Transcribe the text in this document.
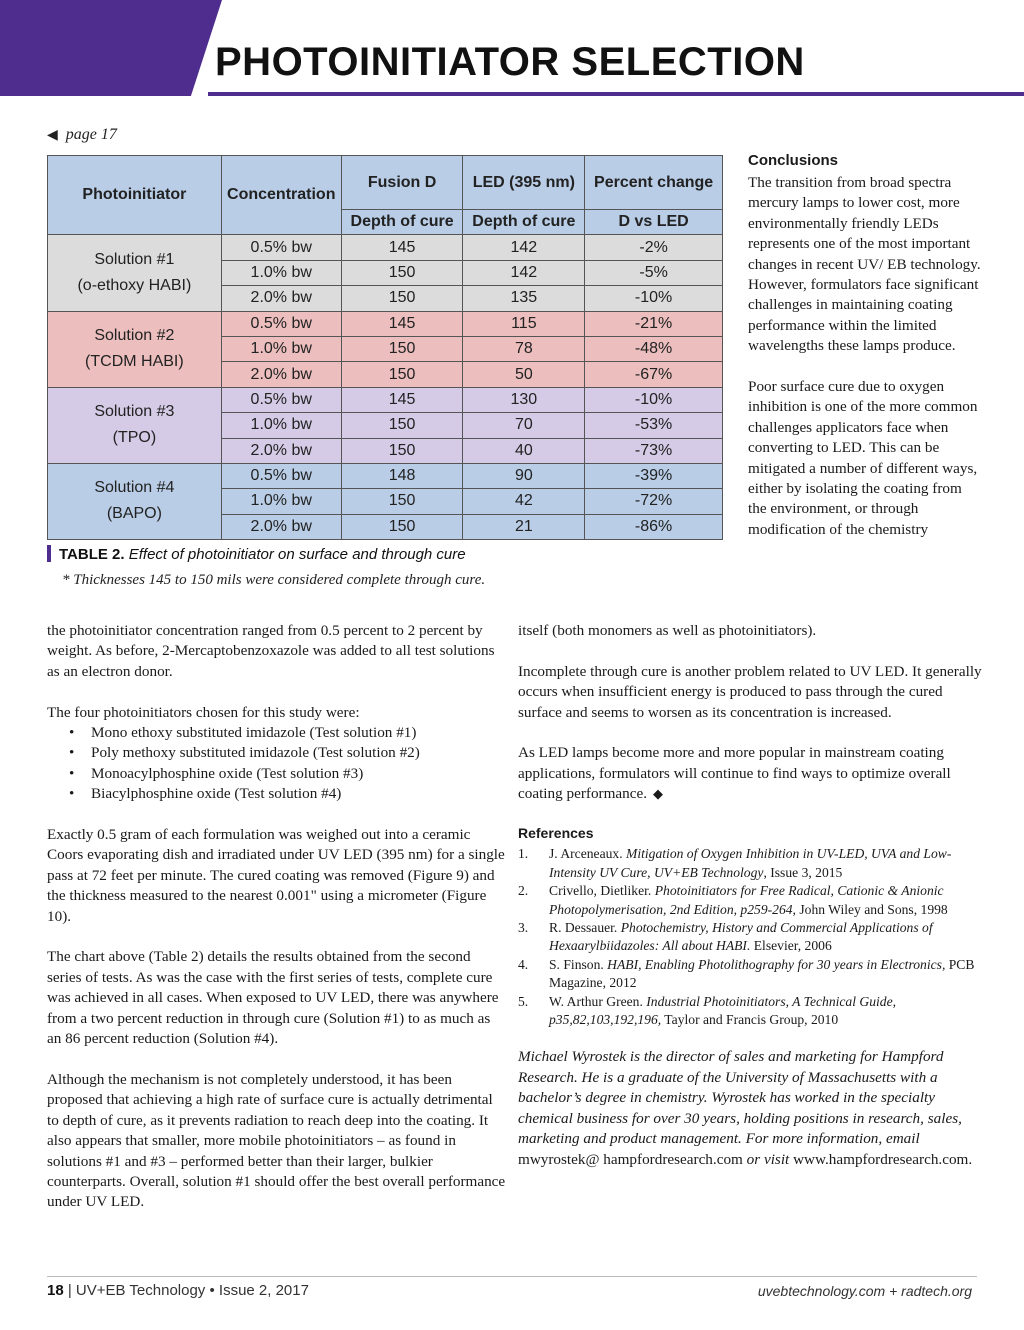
PHOTOINITIATOR SELECTION
◀ page 17
Photoinitiator	Concentration	Fusion D	LED (395 nm)	Percent change
		Depth of cure	Depth of cure	D vs LED
Solution #1
(o-ethoxy HABI)	0.5% bw	145	142	-2%
	1.0% bw	150	142	-5%
	2.0% bw	150	135	-10%
Solution #2
(TCDM HABI)	0.5% bw	145	115	-21%
	1.0% bw	150	78	-48%
	2.0% bw	150	50	-67%
Solution #3
(TPO)	0.5% bw	145	130	-10%
	1.0% bw	150	70	-53%
	2.0% bw	150	40	-73%
Solution #4
(BAPO)	0.5% bw	148	90	-39%
	1.0% bw	150	42	-72%
	2.0% bw	150	21	-86%
TABLE 2. Effect of photoinitiator on surface and through cure
* Thicknesses 145 to 150 mils were considered complete through cure.
Conclusions

The transition from broad spectra mercury lamps to lower cost, more environmentally friendly LEDs represents one of the most important changes in recent UV/ EB technology. However, formulators face significant challenges in maintaining coating performance within the limited wavelengths these lamps produce.

Poor surface cure due to oxygen inhibition is one of the more common challenges applicators face when converting to LED. This can be mitigated a number of different ways, either by isolating the coating from the environment, or through modification of the chemistry

the photoinitiator concentration ranged from 0.5 percent to 2 percent by weight. As before, 2-Mercaptobenzoxazole was added to all test solutions as an electron donor.

The four photoinitiators chosen for this study were:

• Mono ethoxy substituted imidazole (Test solution #1)
• Poly methoxy substituted imidazole (Test solution #2)
• Monoacylphosphine oxide (Test solution #3)
• Biacylphosphine oxide (Test solution #4)

Exactly 0.5 gram of each formulation was weighed out into a ceramic Coors evaporating dish and irradiated under UV LED (395 nm) for a single pass at 72 feet per minute. The cured coating was removed (Figure 9) and the thickness measured to the nearest 0.001" using a micrometer (Figure 10).

The chart above (Table 2) details the results obtained from the second series of tests. As was the case with the first series of tests, complete cure was achieved in all cases. When exposed to UV LED, there was anywhere from a two percent reduction in through cure (Solution #1) to as much as an 86 percent reduction (Solution #4).

Although the mechanism is not completely understood, it has been proposed that achieving a high rate of surface cure is actually detrimental to depth of cure, as it prevents radiation to reach deep into the coating. It also appears that smaller, more mobile photoinitiators – as found in solutions #1 and #3 – performed better than their larger, bulkier counterparts. Overall, solution #1 should offer the best overall performance under UV LED.

itself (both monomers as well as photoinitiators).

Incomplete through cure is another problem related to UV LED. It generally occurs when insufficient energy is produced to pass through the cured surface and seems to worsen as its concentration is increased.

As LED lamps become more and more popular in mainstream coating applications, formulators will continue to find ways to optimize overall coating performance. ◆

References
1. J. Arceneaux. Mitigation of Oxygen Inhibition in UV-LED, UVA and Low-Intensity UV Cure, UV+EB Technology, Issue 3, 2015
2. Crivello, Dietliker. Photoinitiators for Free Radical, Cationic & Anionic Photopolymerisation, 2nd Edition, p259-264, John Wiley and Sons, 1998
3. R. Dessauer. Photochemistry, History and Commercial Applications of Hexaarylbiidazoles: All about HABI. Elsevier, 2006
4. S. Finson. HABI, Enabling Photolithography for 30 years in Electronics, PCB Magazine, 2012
5. W. Arthur Green. Industrial Photoinitiators, A Technical Guide, p35,82,103,192,196, Taylor and Francis Group, 2010
Michael Wyrostek is the director of sales and marketing for Hampford Research. He is a graduate of the University of Massachusetts with a bachelor’s degree in chemistry. Wyrostek has worked in the specialty chemical business for over 30 years, holding positions in research, sales, marketing and product management. For more information, email mwyrostek@ hampfordresearch.com or visit www.hampfordresearch.com.
18 | UV+EB Technology • Issue 2, 2017	uvebtechnology.com + radtech.org
